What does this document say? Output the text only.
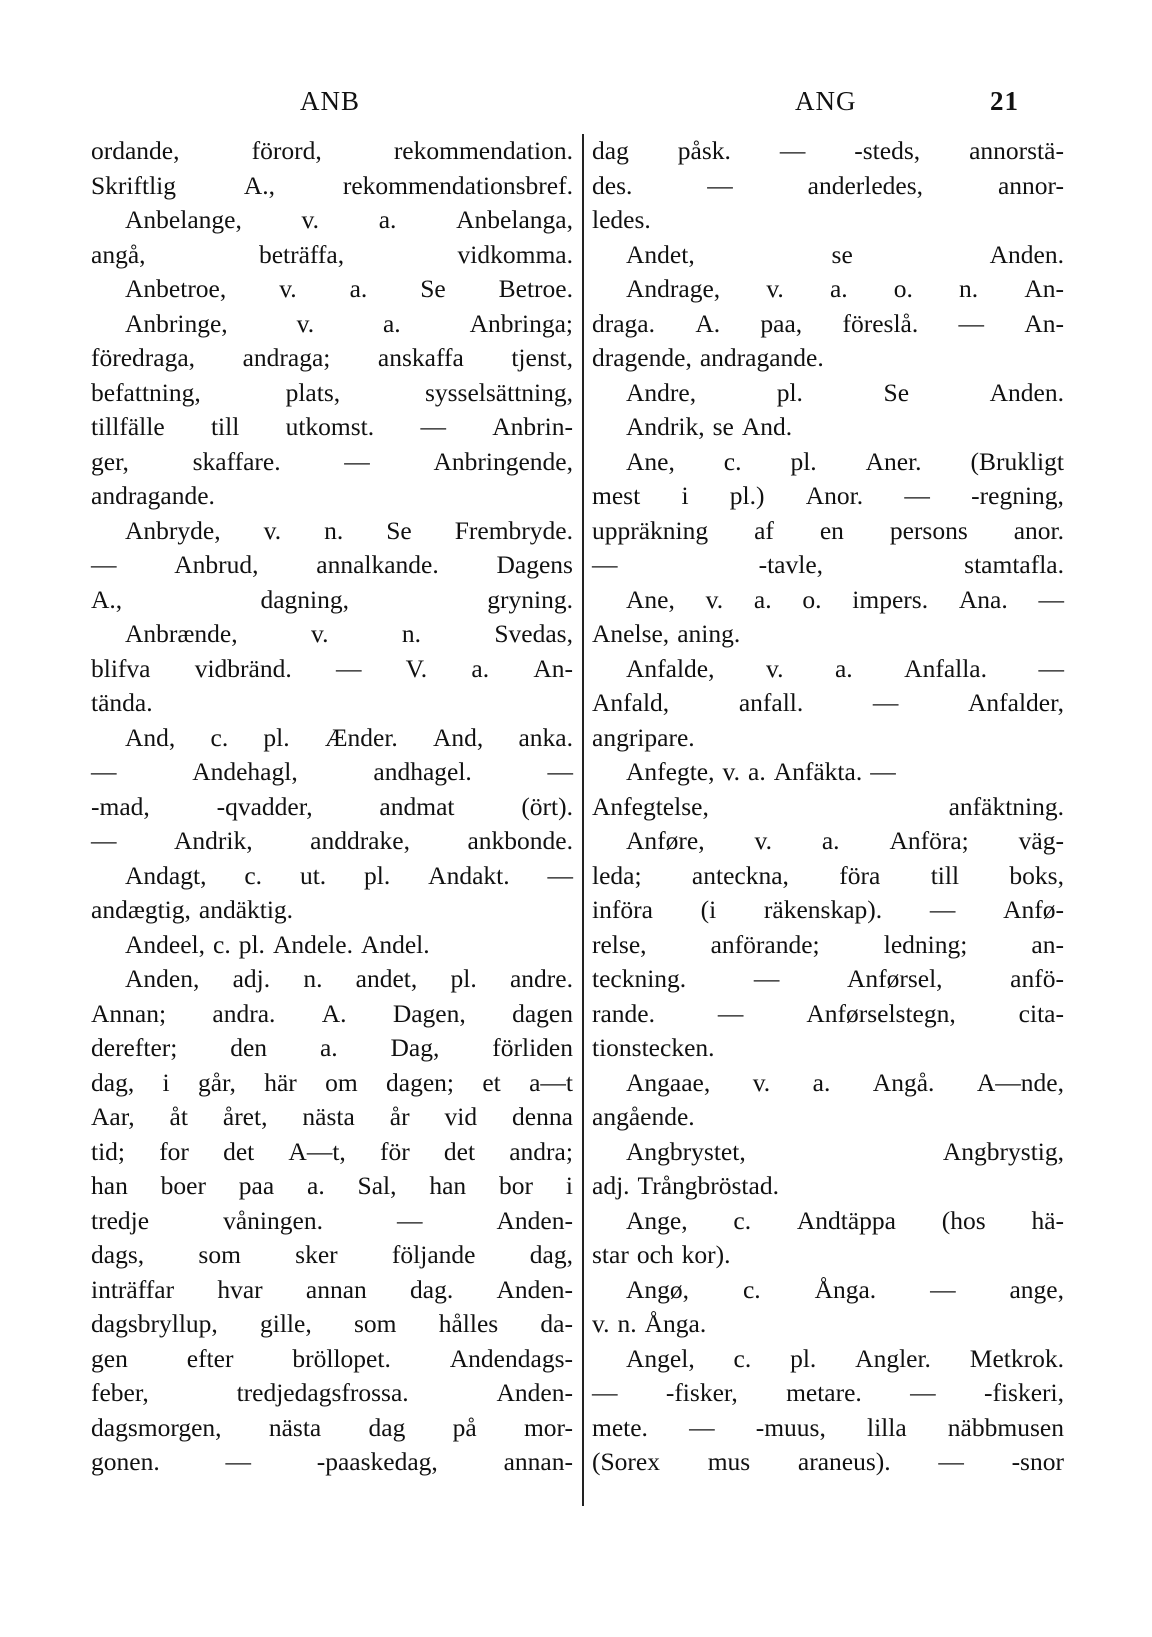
ANB	ANG	21
ordande,	förord,	rekommendation.
Skriftlig	A.,	rekommendationsbref.
Anbelange, v. a. Anbelanga,
angå,	beträffa,	vidkomma.
Anbetroe, v. a. Se Betroe.
Anbringe,	v.	a.	Anbringa;
föredraga, andraga; anskaffa tjenst,
befattning,	plats,	sysselsättning,
tillfälle till utkomst. — Anbrin-
ger, skaffare. — Anbringende,
andragande.
Anbryde, v. n. Se Frembryde.
— Anbrud, annalkande. Dagens
A.,	dagning,	gryning.
Anbrænde,	v.	n.	Svedas,
blifva vidbränd. — V. a. An-
tända.
And, c. pl. Ænder. And, anka.
—	Andehagl,	andhagel.	—
-mad,	-qvadder,	andmat	(ört).
— Andrik, anddrake, ankbonde.
Andagt, c. ut. pl. Andakt. —
andægtig, andäktig.
Andeel, c. pl. Andele. Andel.
Anden, adj. n. andet, pl. andre.
Annan; andra. A. Dagen, dagen
derefter; den a. Dag, förliden
dag, i går, här om dagen; et a—t
Aar, åt året, nästa år vid denna
tid; for det A—t, för det andra;
han boer paa a. Sal, han bor i
tredje	våningen.	—	Anden-
dags, som sker följande dag,
inträffar hvar annan dag. Anden-
dagsbryllup, gille, som hålles da-
gen efter bröllopet. Andendags-
feber,	tredjedagsfrossa.	Anden-
dagsmorgen, nästa dag på mor-
gonen.	—	-paaskedag,	annan-
dag påsk. — -steds, annorstä-
des.	—	anderledes,	annor-
ledes.
Andet,	se	Anden.
Andrage, v. a. o. n. An-
draga. A. paa, föreslå. — An-
dragende, andragande.
Andre,	pl.	Se	Anden.
Andrik, se And.
Ane, c. pl. Aner. (Brukligt
mest i pl.) Anor. — -regning,
uppräkning af en persons anor.
—	-tavle,	stamtafla.
Ane, v. a. o. impers. Ana. —
Anelse, aning.
Anfalde, v. a. Anfalla. —
Anfald,	anfall.	—	Anfalder,
angripare.
Anfegte, v. a. Anfäkta. —
Anfegtelse,	anfäktning.
Anføre, v. a. Anföra; väg-
leda; anteckna, föra till boks,
införa (i räkenskap). — Anfø-
relse,	anförande;	ledning;	an-
teckning.	—	Anførsel,	anfö-
rande. — Anførselstegn, cita-
tionstecken.
Angaae, v. a. Angå. A—nde,
angående.
Angbrystet,	Angbrystig,
adj. Trångbröstad.
Ange, c. Andtäppa (hos hä-
star och kor).
Angø, c. Ånga. — ange,
v. n. Ånga.
Angel, c. pl. Angler. Metkrok.
— -fisker, metare. — -fiskeri,
mete. — -muus, lilla näbbmusen
(Sorex mus araneus). — -snor
